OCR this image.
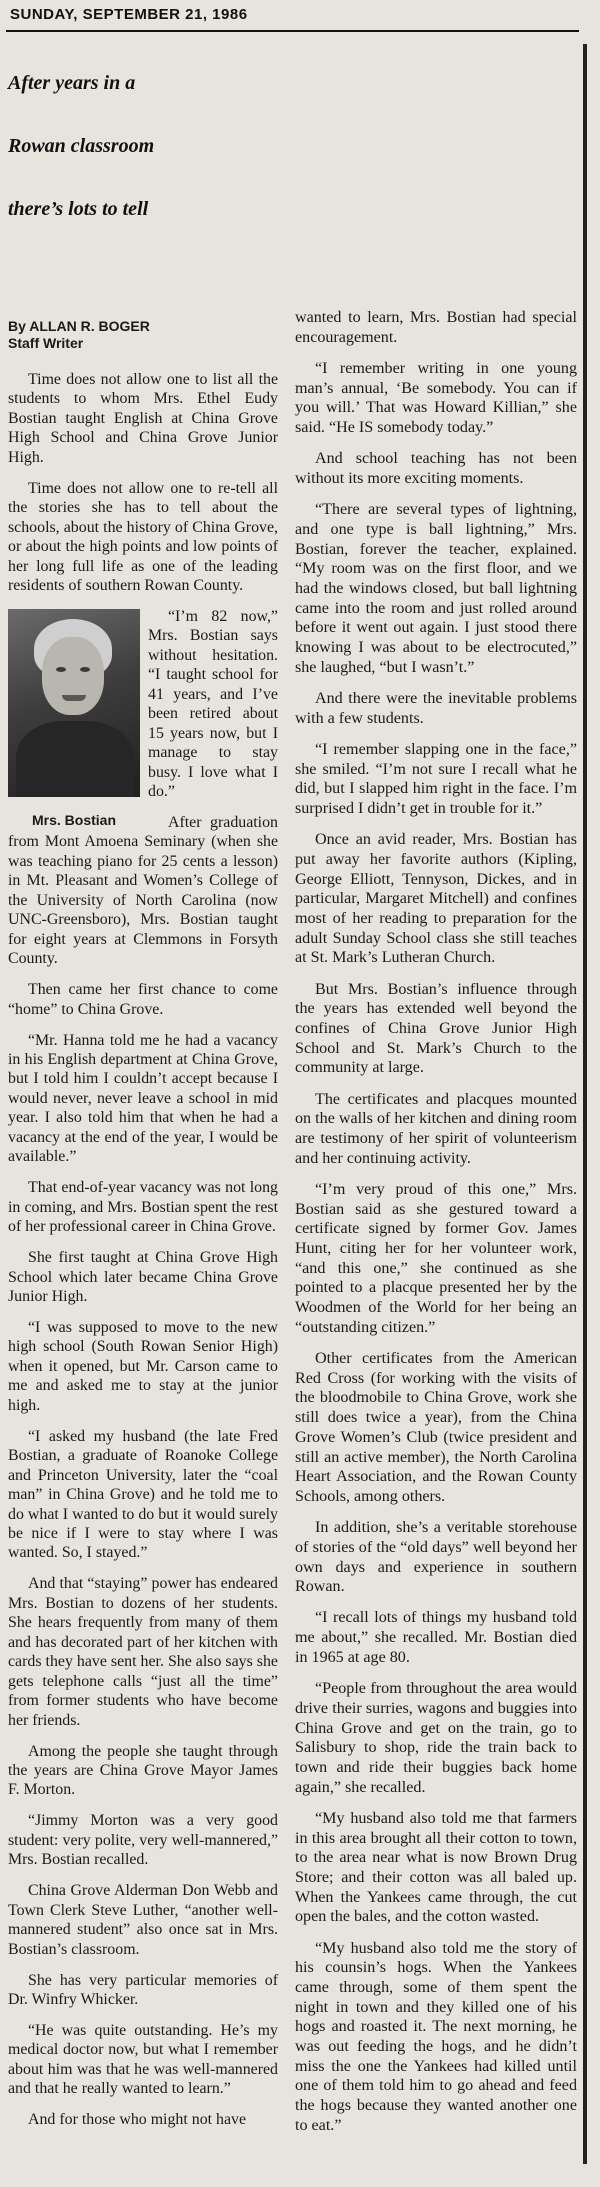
SUNDAY, SEPTEMBER 21, 1986
After years in a
Rowan classroom
there’s lots to tell
By ALLAN R. BOGER
Staff Writer

Time does not allow one to list all the students to whom Mrs. Ethel Eudy Bostian taught English at China Grove High School and China Grove Junior High.

Time does not allow one to re-tell all the stories she has to tell about the schools, about the history of China Grove, or about the high points and low points of her long full life as one of the leading residents of southern Rowan County.

Mrs. Bostian

“I’m 82 now,” Mrs. Bostian says without hesitation. “I taught school for 41 years, and I’ve been retired about 15 years now, but I manage to stay busy. I love what I do.”

After graduation from Mont Amoena Seminary (when she was teaching piano for 25 cents a lesson) in Mt. Pleasant and Women’s College of the University of North Carolina (now UNC-Greensboro), Mrs. Bostian taught for eight years at Clemmons in Forsyth County.

Then came her first chance to come “home” to China Grove.

“Mr. Hanna told me he had a vacancy in his English department at China Grove, but I told him I couldn’t accept because I would never, never leave a school in mid year. I also told him that when he had a vacancy at the end of the year, I would be available.”

That end-of-year vacancy was not long in coming, and Mrs. Bostian spent the rest of her professional career in China Grove.

She first taught at China Grove High School which later became China Grove Junior High.

“I was supposed to move to the new high school (South Rowan Senior High) when it opened, but Mr. Carson came to me and asked me to stay at the junior high.

“I asked my husband (the late Fred Bostian, a graduate of Roanoke College and Princeton University, later the “coal man” in China Grove) and he told me to do what I wanted to do but it would surely be nice if I were to stay where I was wanted. So, I stayed.”

And that “staying” power has endeared Mrs. Bostian to dozens of her students. She hears frequently from many of them and has decorated part of her kitchen with cards they have sent her. She also says she gets telephone calls “just all the time” from former students who have become her friends.

Among the people she taught through the years are China Grove Mayor James F. Morton.

“Jimmy Morton was a very good student: very polite, very well-mannered,” Mrs. Bostian recalled.

China Grove Alderman Don Webb and Town Clerk Steve Luther, “another well-mannered student” also once sat in Mrs. Bostian’s classroom.

She has very particular memories of Dr. Winfry Whicker.

“He was quite outstanding. He’s my medical doctor now, but what I remember about him was that he was well-mannered and that he really wanted to learn.”

And for those who might not have

wanted to learn, Mrs. Bostian had special encouragement.

“I remember writing in one young man’s annual, ‘Be somebody. You can if you will.’ That was Howard Killian,” she said. “He IS somebody today.”

And school teaching has not been without its more exciting moments.

“There are several types of lightning, and one type is ball lightning,” Mrs. Bostian, forever the teacher, explained. “My room was on the first floor, and we had the windows closed, but ball lightning came into the room and just rolled around before it went out again. I just stood there knowing I was about to be electrocuted,” she laughed, “but I wasn’t.”

And there were the inevitable problems with a few students.

“I remember slapping one in the face,” she smiled. “I’m not sure I recall what he did, but I slapped him right in the face. I’m surprised I didn’t get in trouble for it.”

Once an avid reader, Mrs. Bostian has put away her favorite authors (Kipling, George Elliott, Tennyson, Dickes, and in particular, Margaret Mitchell) and confines most of her reading to preparation for the adult Sunday School class she still teaches at St. Mark’s Lutheran Church.

But Mrs. Bostian’s influence through the years has extended well beyond the confines of China Grove Junior High School and St. Mark’s Church to the community at large.

The certificates and placques mounted on the walls of her kitchen and dining room are testimony of her spirit of volunteerism and her continuing activity.

“I’m very proud of this one,” Mrs. Bostian said as she gestured toward a certificate signed by former Gov. James Hunt, citing her for her volunteer work, “and this one,” she continued as she pointed to a placque presented her by the Woodmen of the World for her being an “outstanding citizen.”

Other certificates from the American Red Cross (for working with the visits of the bloodmobile to China Grove, work she still does twice a year), from the China Grove Women’s Club (twice president and still an active member), the North Carolina Heart Association, and the Rowan County Schools, among others.

In addition, she’s a veritable storehouse of stories of the “old days” well beyond her own days and experience in southern Rowan.

“I recall lots of things my husband told me about,” she recalled. Mr. Bostian died in 1965 at age 80.

“People from throughout the area would drive their surries, wagons and buggies into China Grove and get on the train, go to Salisbury to shop, ride the train back to town and ride their buggies back home again,” she recalled.

“My husband also told me that farmers in this area brought all their cotton to town, to the area near what is now Brown Drug Store; and their cotton was all baled up. When the Yankees came through, the cut open the bales, and the cotton wasted.

“My husband also told me the story of his counsin’s hogs. When the Yankees came through, some of them spent the night in town and they killed one of his hogs and roasted it. The next morning, he was out feeding the hogs, and he didn’t miss the one the Yankees had killed until one of them told him to go ahead and feed the hogs because they wanted another one to eat.”
